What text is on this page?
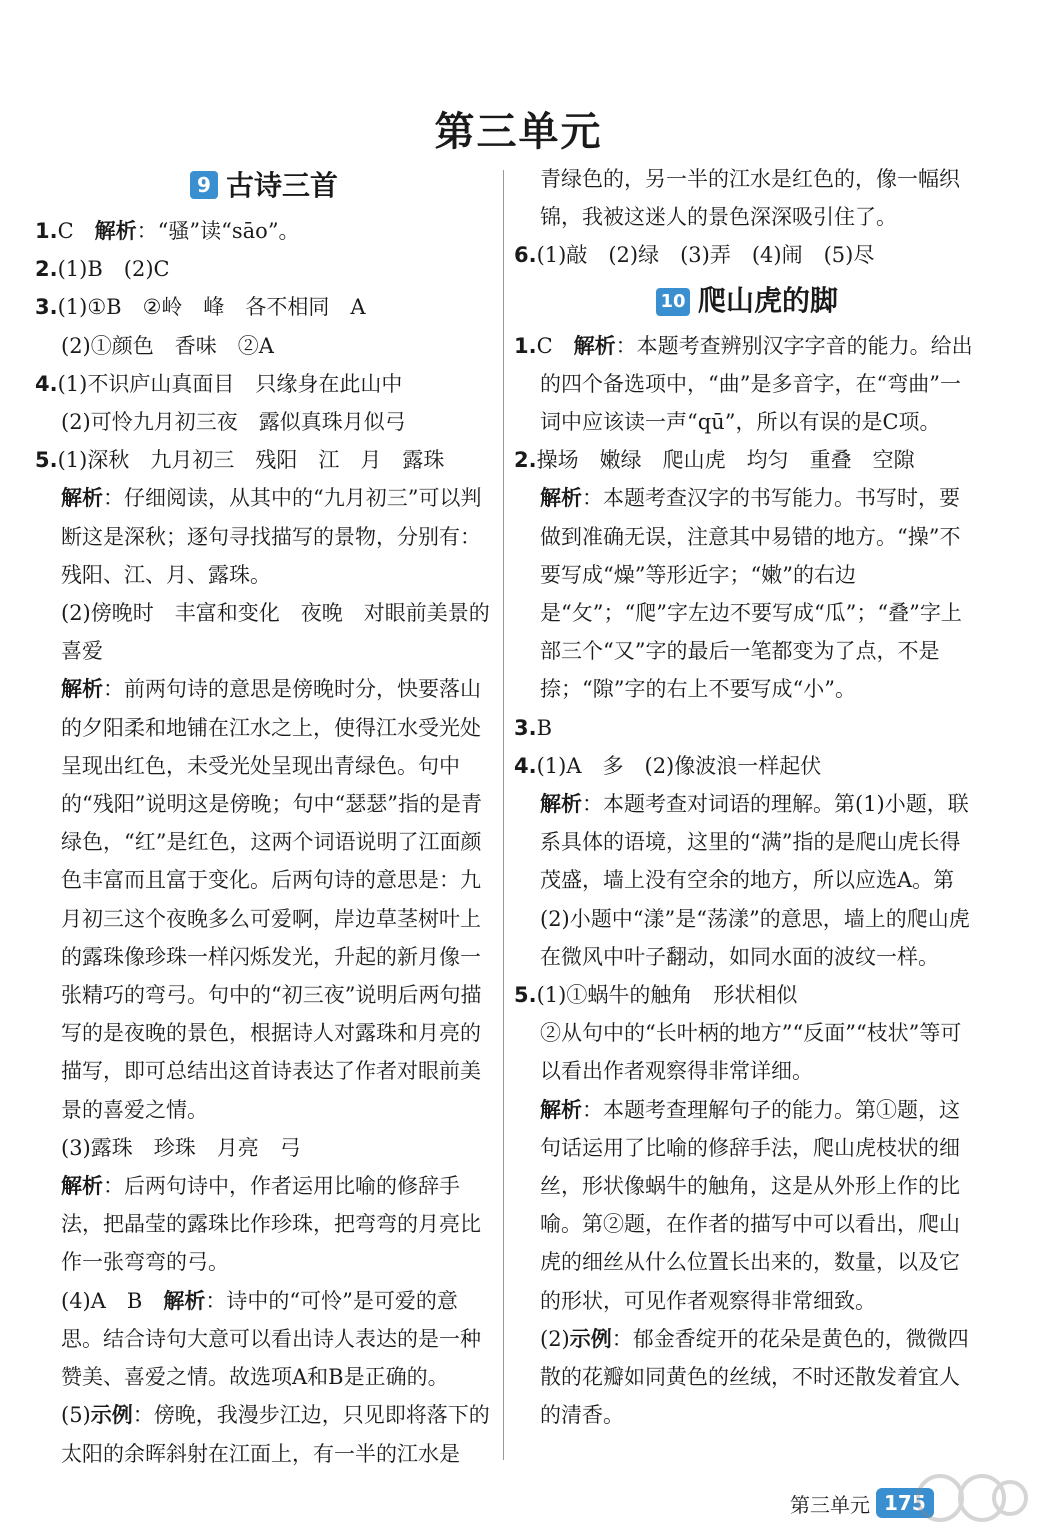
第三单元
9 古诗三首

1.C　解析：“骚”读“sāo”。

2.(1)B　(2)C

3.(1)①B　②岭　峰　各不相同　A

(2)①颜色　香味　②A

4.(1)不识庐山真面目　只缘身在此山中

(2)可怜九月初三夜　露似真珠月似弓

5.(1)深秋　九月初三　残阳　江　月　露珠

解析：仔细阅读，从其中的“九月初三”可以判断这是深秋；逐句寻找描写的景物，分别有：残阳、江、月、露珠。

(2)傍晚时　丰富和变化　夜晚　对眼前美景的喜爱

解析：前两句诗的意思是傍晚时分，快要落山的夕阳柔和地铺在江水之上，使得江水受光处呈现出红色，未受光处呈现出青绿色。句中的“残阳”说明这是傍晚；句中“瑟瑟”指的是青绿色，“红”是红色，这两个词语说明了江面颜色丰富而且富于变化。后两句诗的意思是：九月初三这个夜晚多么可爱啊，岸边草茎树叶上的露珠像珍珠一样闪烁发光，升起的新月像一张精巧的弯弓。句中的“初三夜”说明后两句描写的是夜晚的景色，根据诗人对露珠和月亮的描写，即可总结出这首诗表达了作者对眼前美景的喜爱之情。

(3)露珠　珍珠　月亮　弓

解析：后两句诗中，作者运用比喻的修辞手法，把晶莹的露珠比作珍珠，把弯弯的月亮比作一张弯弯的弓。

(4)A　B　解析：诗中的“可怜”是可爱的意思。结合诗句大意可以看出诗人表达的是一种赞美、喜爱之情。故选项A和B是正确的。

(5)示例：傍晚，我漫步江边，只见即将落下的太阳的余晖斜射在江面上，有一半的江水是

青绿色的，另一半的江水是红色的，像一幅织锦，我被这迷人的景色深深吸引住了。

6.(1)敲　(2)绿　(3)弄　(4)闹　(5)尽

10 爬山虎的脚

1.C　解析：本题考查辨别汉字字音的能力。给出的四个备选项中，“曲”是多音字，在“弯曲”一词中应该读一声“qū”，所以有误的是C项。

2.操场　嫩绿　爬山虎　均匀　重叠　空隙

解析：本题考查汉字的书写能力。书写时，要做到准确无误，注意其中易错的地方。“操”不要写成“燥”等形近字；“嫩”的右边是“攵”；“爬”字左边不要写成“瓜”；“叠”字上部三个“又”字的最后一笔都变为了点，不是捺；“隙”字的右上不要写成“小”。

3.B

4.(1)A　多　(2)像波浪一样起伏

解析：本题考查对词语的理解。第(1)小题，联系具体的语境，这里的“满”指的是爬山虎长得茂盛，墙上没有空余的地方，所以应选A。第(2)小题中“漾”是“荡漾”的意思，墙上的爬山虎在微风中叶子翻动，如同水面的波纹一样。

5.(1)①蜗牛的触角　形状相似

②从句中的“长叶柄的地方”“反面”“枝状”等可以看出作者观察得非常详细。

解析：本题考查理解句子的能力。第①题，这句话运用了比喻的修辞手法，爬山虎枝状的细丝，形状像蜗牛的触角，这是从外形上作的比喻。第②题，在作者的描写中可以看出，爬山虎的细丝从什么位置长出来的，数量，以及它的形状，可见作者观察得非常细致。

(2)示例：郁金香绽开的花朵是黄色的，微微四散的花瓣如同黄色的丝绒，不时还散发着宜人的清香。

第三单元 175
